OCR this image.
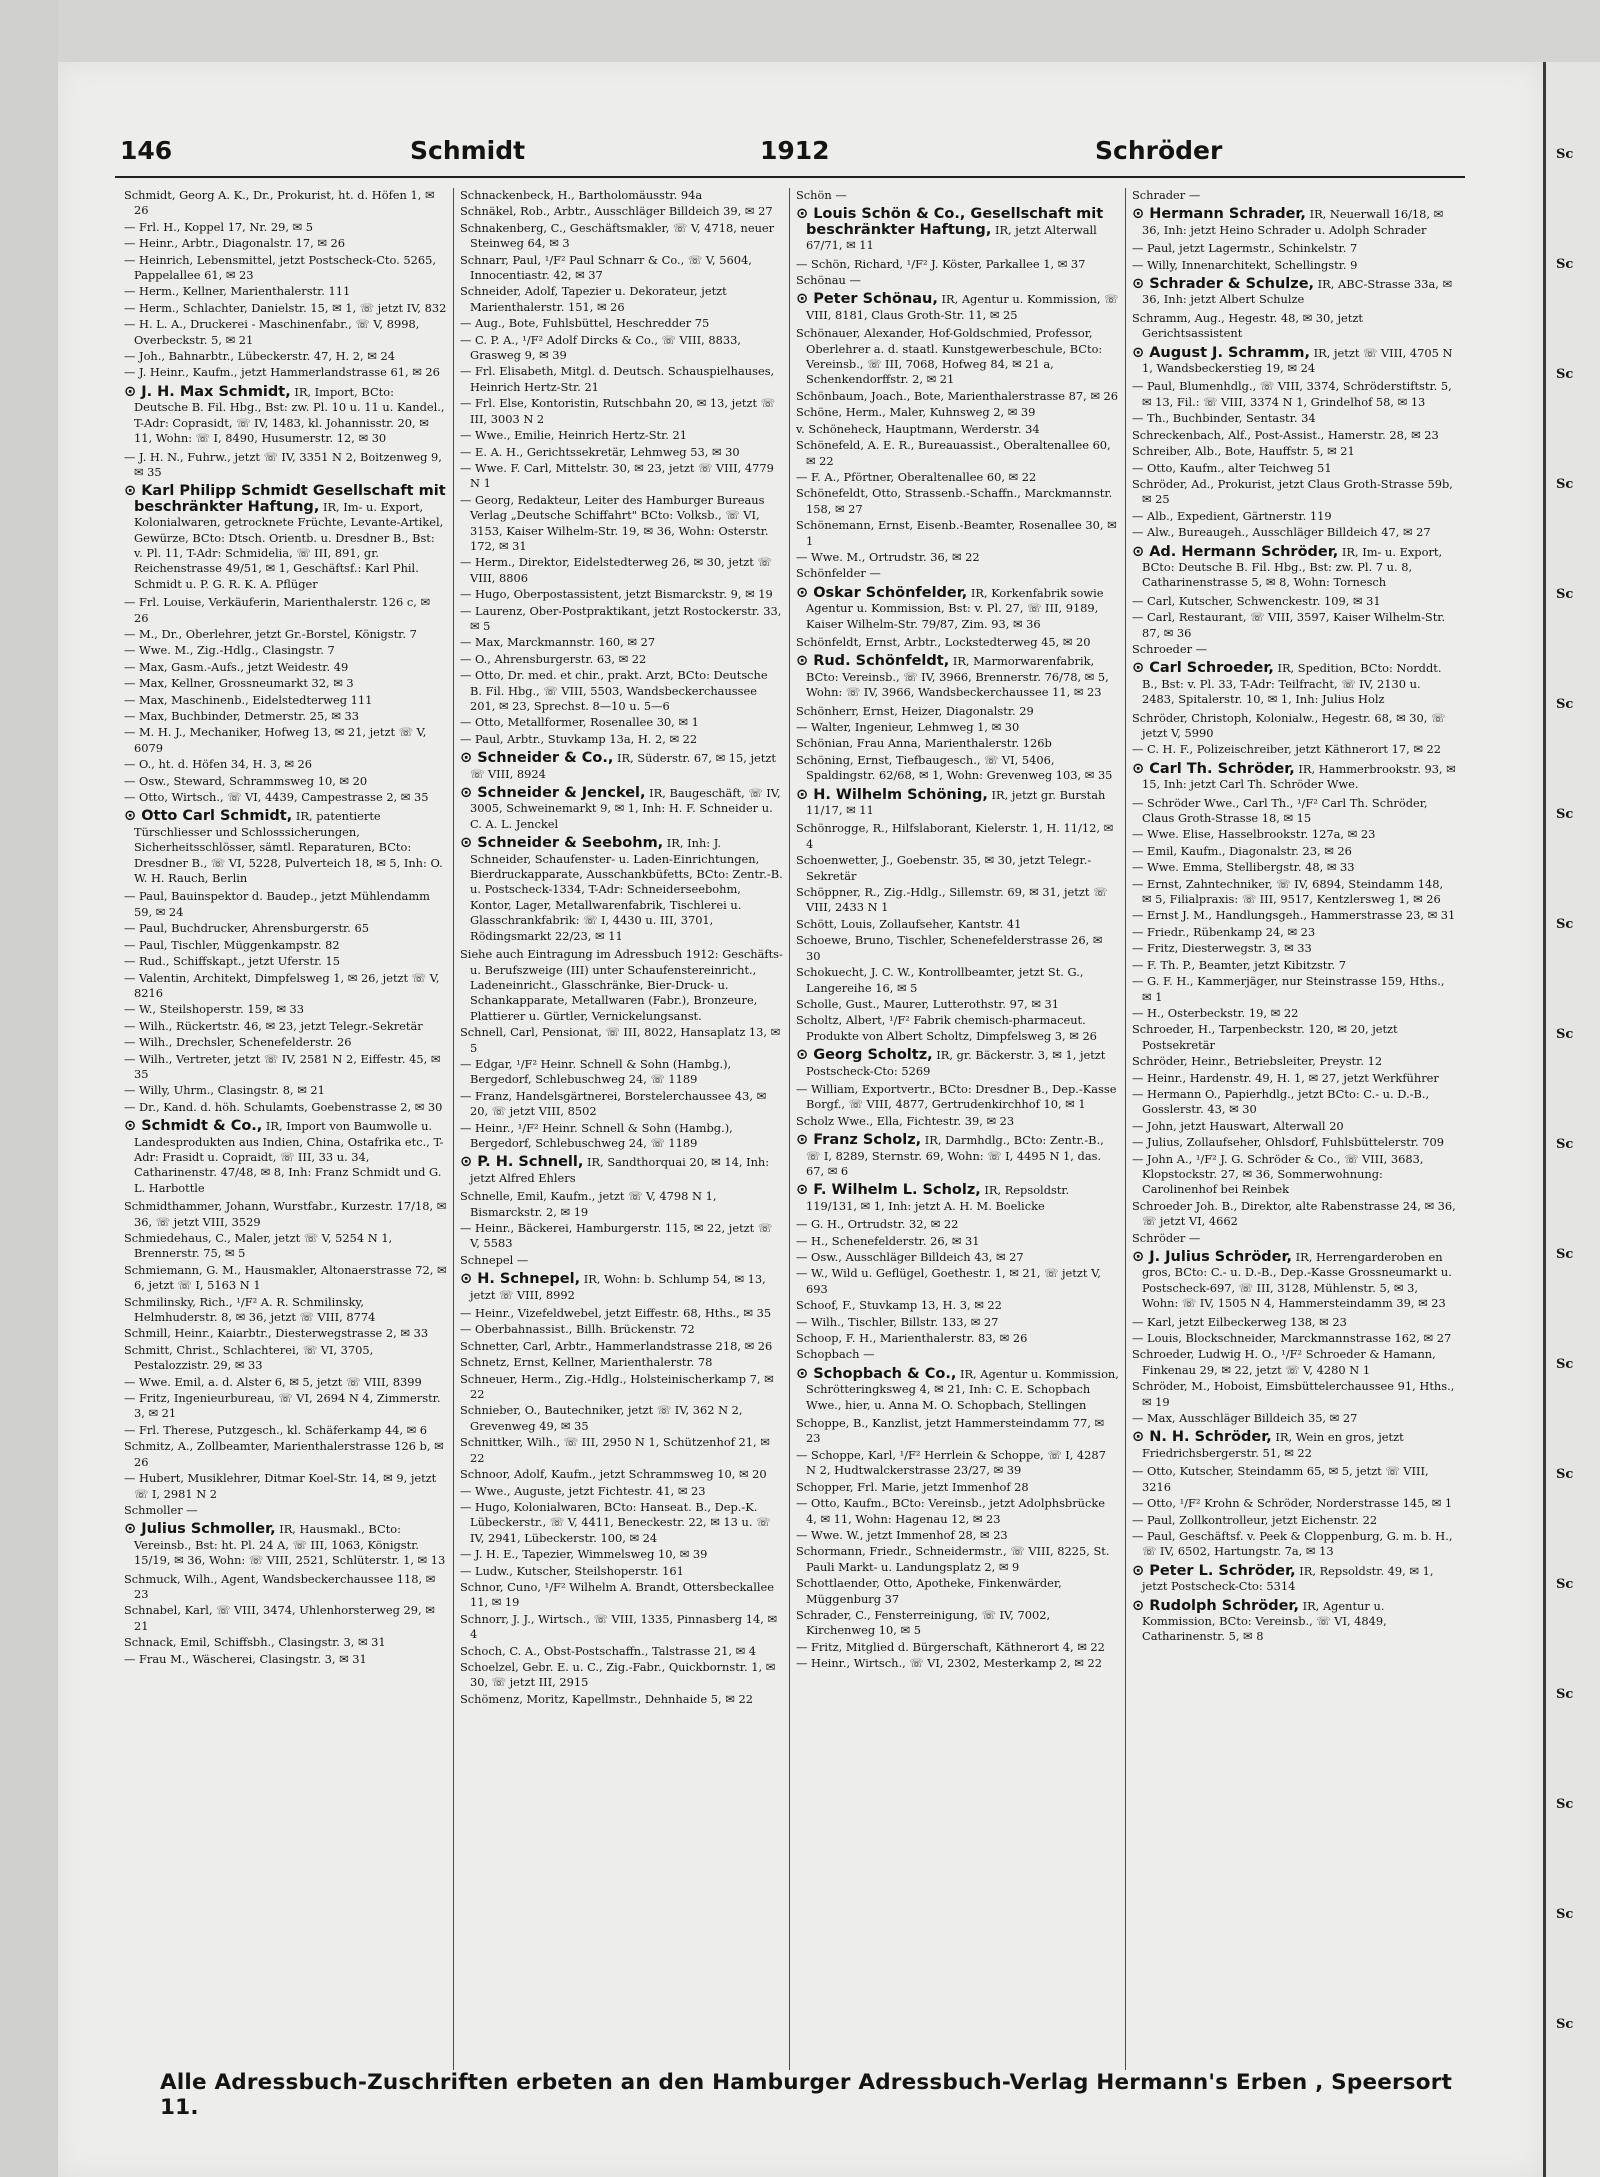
146	Schmidt	1912	Schröder
Schmidt, Georg A. K., Dr., Prokurist, ht. d. Höfen 1, ✉ 26
— Frl. H., Koppel 17, Nr. 29, ✉ 5
— Heinr., Arbtr., Diagonalstr. 17, ✉ 26
— Heinrich, Lebensmittel, jetzt Postscheck-Cto. 5265, Pappelallee 61, ✉ 23
— Herm., Kellner, Marienthalerstr. 111
— Herm., Schlachter, Danielstr. 15, ✉ 1, ☏ jetzt IV, 832
— H. L. A., Druckerei - Maschinenfabr., ☏ V, 8998, Overbeckstr. 5, ✉ 21
— Joh., Bahnarbtr., Lübeckerstr. 47, H. 2, ✉ 24
— J. Heinr., Kaufm., jetzt Hammerlandstrasse 61, ✉ 26
⊙ J. H. Max Schmidt, IR, Import, BCto: Deutsche B. Fil. Hbg., Bst: zw. Pl. 10 u. 11 u. Kandel., T-Adr: Coprasidt, ☏ IV, 1483, kl. Johannisstr. 20, ✉ 11, Wohn: ☏ I, 8490, Husumerstr. 12, ✉ 30
— J. H. N., Fuhrw., jetzt ☏ IV, 3351 N 2, Boitzenweg 9, ✉ 35
⊙ Karl Philipp Schmidt Gesellschaft mit beschränkter Haftung, IR, Im- u. Export, Kolonialwaren, getrocknete Früchte, Levante-Artikel, Gewürze, BCto: Dtsch. Orientb. u. Dresdner B., Bst: v. Pl. 11, T-Adr: Schmidelia, ☏ III, 891, gr. Reichenstrasse 49/51, ✉ 1, Geschäftsf.: Karl Phil. Schmidt u. P. G. R. K. A. Pflüger
— Frl. Louise, Verkäuferin, Marienthalerstr. 126 c, ✉ 26
— M., Dr., Oberlehrer, jetzt Gr.-Borstel, Königstr. 7
— Wwe. M., Zig.-Hdlg., Clasingstr. 7
— Max, Gasm.-Aufs., jetzt Weidestr. 49
— Max, Kellner, Grossneumarkt 32, ✉ 3
— Max, Maschinenb., Eidelstedterweg 111
— Max, Buchbinder, Detmerstr. 25, ✉ 33
— M. H. J., Mechaniker, Hofweg 13, ✉ 21, jetzt ☏ V, 6079
— O., ht. d. Höfen 34, H. 3, ✉ 26
— Osw., Steward, Schrammsweg 10, ✉ 20
— Otto, Wirtsch., ☏ VI, 4439, Campestrasse 2, ✉ 35
⊙ Otto Carl Schmidt, IR, patentierte Türschliesser und Schlosssicherungen, Sicherheitsschlösser, sämtl. Reparaturen, BCto: Dresdner B., ☏ VI, 5228, Pulverteich 18, ✉ 5, Inh: O. W. H. Rauch, Berlin
— Paul, Bauinspektor d. Baudep., jetzt Mühlendamm 59, ✉ 24
— Paul, Buchdrucker, Ahrensburgerstr. 65
— Paul, Tischler, Müggenkampstr. 82
— Rud., Schiffskapt., jetzt Uferstr. 15
— Valentin, Architekt, Dimpfelsweg 1, ✉ 26, jetzt ☏ V, 8216
— W., Steilshoperstr. 159, ✉ 33
— Wilh., Rückertstr. 46, ✉ 23, jetzt Telegr.-Sekretär
— Wilh., Drechsler, Schenefelderstr. 26
— Wilh., Vertreter, jetzt ☏ IV, 2581 N 2, Eiffestr. 45, ✉ 35
— Willy, Uhrm., Clasingstr. 8, ✉ 21
— Dr., Kand. d. höh. Schulamts, Goebenstrasse 2, ✉ 30
⊙ Schmidt & Co., IR, Import von Baumwolle u. Landesprodukten aus Indien, China, Ostafrika etc., T-Adr: Frasidt u. Copraidt, ☏ III, 33 u. 34, Catharinenstr. 47/48, ✉ 8, Inh: Franz Schmidt und G. L. Harbottle
Schmidthammer, Johann, Wurstfabr., Kurzestr. 17/18, ✉ 36, ☏ jetzt VIII, 3529
Schmiedehaus, C., Maler, jetzt ☏ V, 5254 N 1, Brennerstr. 75, ✉ 5
Schmiemann, G. M., Hausmakler, Altonaerstrasse 72, ✉ 6, jetzt ☏ I, 5163 N 1
Schmilinsky, Rich., ¹/F² A. R. Schmilinsky, Helmhuderstr. 8, ✉ 36, jetzt ☏ VIII, 8774
Schmill, Heinr., Kaiarbtr., Diesterwegstrasse 2, ✉ 33
Schmitt, Christ., Schlachterei, ☏ VI, 3705, Pestalozzistr. 29, ✉ 33
— Wwe. Emil, a. d. Alster 6, ✉ 5, jetzt ☏ VIII, 8399
— Fritz, Ingenieurbureau, ☏ VI, 2694 N 4, Zimmerstr. 3, ✉ 21
— Frl. Therese, Putzgesch., kl. Schäferkamp 44, ✉ 6
Schmitz, A., Zollbeamter, Marienthalerstrasse 126 b, ✉ 26
— Hubert, Musiklehrer, Ditmar Koel-Str. 14, ✉ 9, jetzt ☏ I, 2981 N 2
Schmoller —
⊙ Julius Schmoller, IR, Hausmakl., BCto: Vereinsb., Bst: ht. Pl. 24 A, ☏ III, 1063, Königstr. 15/19, ✉ 36, Wohn: ☏ VIII, 2521, Schlüterstr. 1, ✉ 13
Schmuck, Wilh., Agent, Wandsbeckerchaussee 118, ✉ 23
Schnabel, Karl, ☏ VIII, 3474, Uhlenhorsterweg 29, ✉ 21
Schnack, Emil, Schiffsbh., Clasingstr. 3, ✉ 31
— Frau M., Wäscherei, Clasingstr. 3, ✉ 31
Schnackenbeck, H., Bartholomäusstr. 94a
Schnäkel, Rob., Arbtr., Ausschläger Billdeich 39, ✉ 27
Schnakenberg, C., Geschäftsmakler, ☏ V, 4718, neuer Steinweg 64, ✉ 3
Schnarr, Paul, ¹/F² Paul Schnarr & Co., ☏ V, 5604, Innocentiastr. 42, ✉ 37
Schneider, Adolf, Tapezier u. Dekorateur, jetzt Marienthalerstr. 151, ✉ 26
— Aug., Bote, Fuhlsbüttel, Heschredder 75
— C. P. A., ¹/F² Adolf Dircks & Co., ☏ VIII, 8833, Grasweg 9, ✉ 39
— Frl. Elisabeth, Mitgl. d. Deutsch. Schauspielhauses, Heinrich Hertz-Str. 21
— Frl. Else, Kontoristin, Rutschbahn 20, ✉ 13, jetzt ☏ III, 3003 N 2
— Wwe., Emilie, Heinrich Hertz-Str. 21
— E. A. H., Gerichtssekretär, Lehmweg 53, ✉ 30
— Wwe. F. Carl, Mittelstr. 30, ✉ 23, jetzt ☏ VIII, 4779 N 1
— Georg, Redakteur, Leiter des Hamburger Bureaus Verlag „Deutsche Schiffahrt" BCto: Volksb., ☏ VI, 3153, Kaiser Wilhelm-Str. 19, ✉ 36, Wohn: Osterstr. 172, ✉ 31
— Herm., Direktor, Eidelstedterweg 26, ✉ 30, jetzt ☏ VIII, 8806
— Hugo, Oberpostassistent, jetzt Bismarckstr. 9, ✉ 19
— Laurenz, Ober-Postpraktikant, jetzt Rostockerstr. 33, ✉ 5
— Max, Marckmannstr. 160, ✉ 27
— O., Ahrensburgerstr. 63, ✉ 22
— Otto, Dr. med. et chir., prakt. Arzt, BCto: Deutsche B. Fil. Hbg., ☏ VIII, 5503, Wandsbeckerchaussee 201, ✉ 23, Sprechst. 8—10 u. 5—6
— Otto, Metallformer, Rosenallee 30, ✉ 1
— Paul, Arbtr., Stuvkamp 13a, H. 2, ✉ 22
⊙ Schneider & Co., IR, Süderstr. 67, ✉ 15, jetzt ☏ VIII, 8924
⊙ Schneider & Jenckel, IR, Baugeschäft, ☏ IV, 3005, Schweinemarkt 9, ✉ 1, Inh: H. F. Schneider u. C. A. L. Jenckel
⊙ Schneider & Seebohm, IR, Inh: J. Schneider, Schaufenster- u. Laden-Einrichtungen, Bierdruckapparate, Ausschankbüfetts, BCto: Zentr.-B. u. Postscheck-1334, T-Adr: Schneiderseebohm, Kontor, Lager, Metallwarenfabrik, Tischlerei u. Glasschrankfabrik: ☏ I, 4430 u. III, 3701, Rödingsmarkt 22/23, ✉ 11
Siehe auch Eintragung im Adressbuch 1912: Geschäfts- u. Berufszweige (III) unter Schaufenstereinricht., Ladeneinricht., Glasschränke, Bier-Druck- u. Schankapparate, Metallwaren (Fabr.), Bronzeure, Plattierer u. Gürtler, Vernickelungsanst.
Schnell, Carl, Pensionat, ☏ III, 8022, Hansaplatz 13, ✉ 5
— Edgar, ¹/F² Heinr. Schnell & Sohn (Hambg.), Bergedorf, Schlebuschweg 24, ☏ 1189
— Franz, Handelsgärtnerei, Borstelerchaussee 43, ✉ 20, ☏ jetzt VIII, 8502
— Heinr., ¹/F² Heinr. Schnell & Sohn (Hambg.), Bergedorf, Schlebuschweg 24, ☏ 1189
⊙ P. H. Schnell, IR, Sandthorquai 20, ✉ 14, Inh: jetzt Alfred Ehlers
Schnelle, Emil, Kaufm., jetzt ☏ V, 4798 N 1, Bismarckstr. 2, ✉ 19
— Heinr., Bäckerei, Hamburgerstr. 115, ✉ 22, jetzt ☏ V, 5583
Schnepel —
⊙ H. Schnepel, IR, Wohn: b. Schlump 54, ✉ 13, jetzt ☏ VIII, 8992
— Heinr., Vizefeldwebel, jetzt Eiffestr. 68, Hths., ✉ 35
— Oberbahnassist., Billh. Brückenstr. 72
Schnetter, Carl, Arbtr., Hammerlandstrasse 218, ✉ 26
Schnetz, Ernst, Kellner, Marienthalerstr. 78
Schneuer, Herm., Zig.-Hdlg., Holsteinischerkamp 7, ✉ 22
Schnieber, O., Bautechniker, jetzt ☏ IV, 362 N 2, Grevenweg 49, ✉ 35
Schnittker, Wilh., ☏ III, 2950 N 1, Schützenhof 21, ✉ 22
Schnoor, Adolf, Kaufm., jetzt Schrammsweg 10, ✉ 20
— Wwe., Auguste, jetzt Fichtestr. 41, ✉ 23
— Hugo, Kolonialwaren, BCto: Hanseat. B., Dep.-K. Lübeckerstr., ☏ V, 4411, Beneckestr. 22, ✉ 13 u. ☏ IV, 2941, Lübeckerstr. 100, ✉ 24
— J. H. E., Tapezier, Wimmelsweg 10, ✉ 39
— Ludw., Kutscher, Steilshoperstr. 161
Schnor, Cuno, ¹/F² Wilhelm A. Brandt, Ottersbeckallee 11, ✉ 19
Schnorr, J. J., Wirtsch., ☏ VIII, 1335, Pinnasberg 14, ✉ 4
Schoch, C. A., Obst-Postschaffn., Talstrasse 21, ✉ 4
Schoelzel, Gebr. E. u. C., Zig.-Fabr., Quickbornstr. 1, ✉ 30, ☏ jetzt III, 2915
Schömenz, Moritz, Kapellmstr., Dehnhaide 5, ✉ 22
Schön —
⊙ Louis Schön & Co., Gesellschaft mit beschränkter Haftung, IR, jetzt Alterwall 67/71, ✉ 11
— Schön, Richard, ¹/F² J. Köster, Parkallee 1, ✉ 37
Schönau —
⊙ Peter Schönau, IR, Agentur u. Kommission, ☏ VIII, 8181, Claus Groth-Str. 11, ✉ 25
Schönauer, Alexander, Hof-Goldschmied, Professor, Oberlehrer a. d. staatl. Kunstgewerbeschule, BCto: Vereinsb., ☏ III, 7068, Hofweg 84, ✉ 21 a, Schenkendorffstr. 2, ✉ 21
Schönbaum, Joach., Bote, Marienthalerstrasse 87, ✉ 26
Schöne, Herm., Maler, Kuhnsweg 2, ✉ 39
v. Schöneheck, Hauptmann, Werderstr. 34
Schönefeld, A. E. R., Bureauassist., Oberaltenallee 60, ✉ 22
— F. A., Pförtner, Oberaltenallee 60, ✉ 22
Schönefeldt, Otto, Strassenb.-Schaffn., Marckmannstr. 158, ✉ 27
Schönemann, Ernst, Eisenb.-Beamter, Rosenallee 30, ✉ 1
— Wwe. M., Ortrudstr. 36, ✉ 22
Schönfelder —
⊙ Oskar Schönfelder, IR, Korkenfabrik sowie Agentur u. Kommission, Bst: v. Pl. 27, ☏ III, 9189, Kaiser Wilhelm-Str. 79/87, Zim. 93, ✉ 36
Schönfeldt, Ernst, Arbtr., Lockstedterweg 45, ✉ 20
⊙ Rud. Schönfeldt, IR, Marmorwarenfabrik, BCto: Vereinsb., ☏ IV, 3966, Brennerstr. 76/78, ✉ 5, Wohn: ☏ IV, 3966, Wandsbeckerchaussee 11, ✉ 23
Schönherr, Ernst, Heizer, Diagonalstr. 29
— Walter, Ingenieur, Lehmweg 1, ✉ 30
Schönian, Frau Anna, Marienthalerstr. 126b
Schöning, Ernst, Tiefbaugesch., ☏ VI, 5406, Spaldingstr. 62/68, ✉ 1, Wohn: Grevenweg 103, ✉ 35
⊙ H. Wilhelm Schöning, IR, jetzt gr. Burstah 11/17, ✉ 11
Schönrogge, R., Hilfslaborant, Kielerstr. 1, H. 11/12, ✉ 4
Schoenwetter, J., Goebenstr. 35, ✉ 30, jetzt Telegr.-Sekretär
Schöppner, R., Zig.-Hdlg., Sillemstr. 69, ✉ 31, jetzt ☏ VIII, 2433 N 1
Schött, Louis, Zollaufseher, Kantstr. 41
Schoewe, Bruno, Tischler, Schenefelderstrasse 26, ✉ 30
Schokuecht, J. C. W., Kontrollbeamter, jetzt St. G., Langereihe 16, ✉ 5
Scholle, Gust., Maurer, Lutterothstr. 97, ✉ 31
Scholtz, Albert, ¹/F² Fabrik chemisch-pharmaceut. Produkte von Albert Scholtz, Dimpfelsweg 3, ✉ 26
⊙ Georg Scholtz, IR, gr. Bäckerstr. 3, ✉ 1, jetzt Postscheck-Cto: 5269
— William, Exportvertr., BCto: Dresdner B., Dep.-Kasse Borgf., ☏ VIII, 4877, Gertrudenkirchhof 10, ✉ 1
Scholz Wwe., Ella, Fichtestr. 39, ✉ 23
⊙ Franz Scholz, IR, Darmhdlg., BCto: Zentr.-B., ☏ I, 8289, Sternstr. 69, Wohn: ☏ I, 4495 N 1, das. 67, ✉ 6
⊙ F. Wilhelm L. Scholz, IR, Repsoldstr. 119/131, ✉ 1, Inh: jetzt A. H. M. Boelicke
— G. H., Ortrudstr. 32, ✉ 22
— H., Schenefelderstr. 26, ✉ 31
— Osw., Ausschläger Billdeich 43, ✉ 27
— W., Wild u. Geflügel, Goethestr. 1, ✉ 21, ☏ jetzt V, 693
Schoof, F., Stuvkamp 13, H. 3, ✉ 22
— Wilh., Tischler, Billstr. 133, ✉ 27
Schoop, F. H., Marienthalerstr. 83, ✉ 26
Schopbach —
⊙ Schopbach & Co., IR, Agentur u. Kommission, Schrötteringksweg 4, ✉ 21, Inh: C. E. Schopbach Wwe., hier, u. Anna M. O. Schopbach, Stellingen
Schoppe, B., Kanzlist, jetzt Hammersteindamm 77, ✉ 23
— Schoppe, Karl, ¹/F² Herrlein & Schoppe, ☏ I, 4287 N 2, Hudtwalckerstrasse 23/27, ✉ 39
Schopper, Frl. Marie, jetzt Immenhof 28
— Otto, Kaufm., BCto: Vereinsb., jetzt Adolphsbrücke 4, ✉ 11, Wohn: Hagenau 12, ✉ 23
— Wwe. W., jetzt Immenhof 28, ✉ 23
Schormann, Friedr., Schneidermstr., ☏ VIII, 8225, St. Pauli Markt- u. Landungsplatz 2, ✉ 9
Schottlaender, Otto, Apotheke, Finkenwärder, Müggenburg 37
Schrader, C., Fensterreinigung, ☏ IV, 7002, Kirchenweg 10, ✉ 5
— Fritz, Mitglied d. Bürgerschaft, Käthnerort 4, ✉ 22
— Heinr., Wirtsch., ☏ VI, 2302, Mesterkamp 2, ✉ 22
Schrader —
⊙ Hermann Schrader, IR, Neuerwall 16/18, ✉ 36, Inh: jetzt Heino Schrader u. Adolph Schrader
— Paul, jetzt Lagermstr., Schinkelstr. 7
— Willy, Innenarchitekt, Schellingstr. 9
⊙ Schrader & Schulze, IR, ABC-Strasse 33a, ✉ 36, Inh: jetzt Albert Schulze
Schramm, Aug., Hegestr. 48, ✉ 30, jetzt Gerichtsassistent
⊙ August J. Schramm, IR, jetzt ☏ VIII, 4705 N 1, Wandsbeckerstieg 19, ✉ 24
— Paul, Blumenhdlg., ☏ VIII, 3374, Schröderstiftstr. 5, ✉ 13, Fil.: ☏ VIII, 3374 N 1, Grindelhof 58, ✉ 13
— Th., Buchbinder, Sentastr. 34
Schreckenbach, Alf., Post-Assist., Hamerstr. 28, ✉ 23
Schreiber, Alb., Bote, Hauffstr. 5, ✉ 21
— Otto, Kaufm., alter Teichweg 51
Schröder, Ad., Prokurist, jetzt Claus Groth-Strasse 59b, ✉ 25
— Alb., Expedient, Gärtnerstr. 119
— Alw., Bureaugeh., Ausschläger Billdeich 47, ✉ 27
⊙ Ad. Hermann Schröder, IR, Im- u. Export, BCto: Deutsche B. Fil. Hbg., Bst: zw. Pl. 7 u. 8, Catharinenstrasse 5, ✉ 8, Wohn: Tornesch
— Carl, Kutscher, Schwenckestr. 109, ✉ 31
— Carl, Restaurant, ☏ VIII, 3597, Kaiser Wilhelm-Str. 87, ✉ 36
Schroeder —
⊙ Carl Schroeder, IR, Spedition, BCto: Norddt. B., Bst: v. Pl. 33, T-Adr: Teilfracht, ☏ IV, 2130 u. 2483, Spitalerstr. 10, ✉ 1, Inh: Julius Holz
Schröder, Christoph, Kolonialw., Hegestr. 68, ✉ 30, ☏ jetzt V, 5990
— C. H. F., Polizeischreiber, jetzt Käthnerort 17, ✉ 22
⊙ Carl Th. Schröder, IR, Hammerbrookstr. 93, ✉ 15, Inh: jetzt Carl Th. Schröder Wwe.
— Schröder Wwe., Carl Th., ¹/F² Carl Th. Schröder, Claus Groth-Strasse 18, ✉ 15
— Wwe. Elise, Hasselbrookstr. 127a, ✉ 23
— Emil, Kaufm., Diagonalstr. 23, ✉ 26
— Wwe. Emma, Stellibergstr. 48, ✉ 33
— Ernst, Zahntechniker, ☏ IV, 6894, Steindamm 148, ✉ 5, Filialpraxis: ☏ III, 9517, Kentzlersweg 1, ✉ 26
— Ernst J. M., Handlungsgeh., Hammerstrasse 23, ✉ 31
— Friedr., Rübenkamp 24, ✉ 23
— Fritz, Diesterwegstr. 3, ✉ 33
— F. Th. P., Beamter, jetzt Kibitzstr. 7
— G. F. H., Kammerjäger, nur Steinstrasse 159, Hths., ✉ 1
— H., Osterbeckstr. 19, ✉ 22
Schroeder, H., Tarpenbeckstr. 120, ✉ 20, jetzt Postsekretär
Schröder, Heinr., Betriebsleiter, Preystr. 12
— Heinr., Hardenstr. 49, H. 1, ✉ 27, jetzt Werkführer
— Hermann O., Papierhdlg., jetzt BCto: C.- u. D.-B., Gosslerstr. 43, ✉ 30
— John, jetzt Hauswart, Alterwall 20
— Julius, Zollaufseher, Ohlsdorf, Fuhlsbüttelerstr. 709
— John A., ¹/F² J. G. Schröder & Co., ☏ VIII, 3683, Klopstockstr. 27, ✉ 36, Sommerwohnung: Carolinenhof bei Reinbek
Schroeder Joh. B., Direktor, alte Rabenstrasse 24, ✉ 36, ☏ jetzt VI, 4662
Schröder —
⊙ J. Julius Schröder, IR, Herrengarderoben en gros, BCto: C.- u. D.-B., Dep.-Kasse Grossneumarkt u. Postscheck-697, ☏ III, 3128, Mühlenstr. 5, ✉ 3, Wohn: ☏ IV, 1505 N 4, Hammersteindamm 39, ✉ 23
— Karl, jetzt Eilbeckerweg 138, ✉ 23
— Louis, Blockschneider, Marckmannstrasse 162, ✉ 27
Schroeder, Ludwig H. O., ¹/F² Schroeder & Hamann, Finkenau 29, ✉ 22, jetzt ☏ V, 4280 N 1
Schröder, M., Hoboist, Eimsbüttelerchaussee 91, Hths., ✉ 19
— Max, Ausschläger Billdeich 35, ✉ 27
⊙ N. H. Schröder, IR, Wein en gros, jetzt Friedrichsbergerstr. 51, ✉ 22
— Otto, Kutscher, Steindamm 65, ✉ 5, jetzt ☏ VIII, 3216
— Otto, ¹/F² Krohn & Schröder, Norderstrasse 145, ✉ 1
— Paul, Zollkontrolleur, jetzt Eichenstr. 22
— Paul, Geschäftsf. v. Peek & Cloppenburg, G. m. b. H., ☏ IV, 6502, Hartungstr. 7a, ✉ 13
⊙ Peter L. Schröder, IR, Repsoldstr. 49, ✉ 1, jetzt Postscheck-Cto: 5314
⊙ Rudolph Schröder, IR, Agentur u. Kommission, BCto: Vereinsb., ☏ VI, 4849, Catharinenstr. 5, ✉ 8
Alle Adressbuch-Zuschriften erbeten an den Hamburger Adressbuch-Verlag Hermann's Erben , Speersort 11.
Sc
Sc
Sc
Sc
Sc
Sc
Sc
Sc
Sc
Sc
Sc
Sc
Sc
Sc
Sc
Sc
Sc
Sc
